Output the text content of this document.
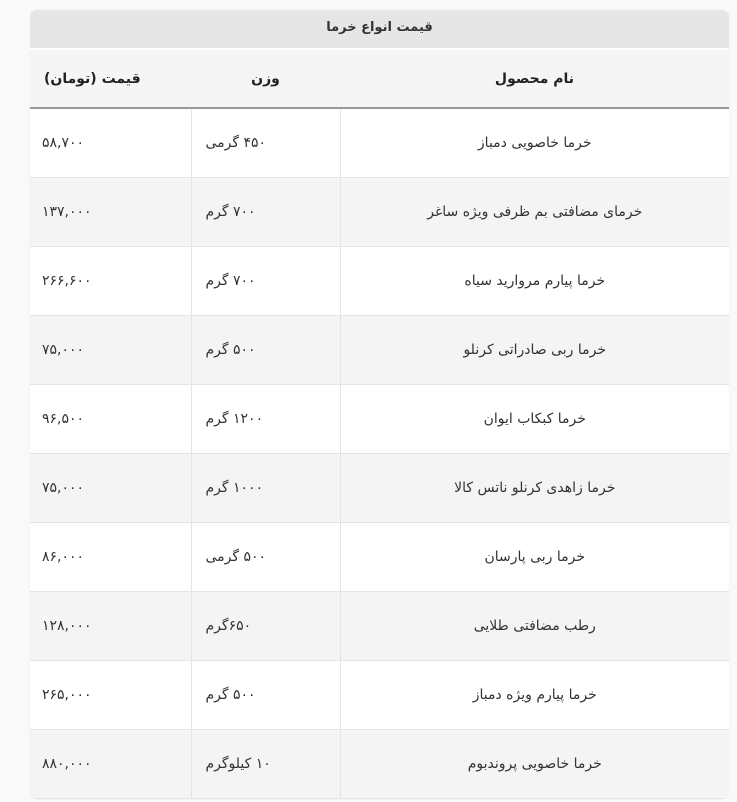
قیمت انواع خرما
نام محصول	وزن	قیمت (تومان)
خرما خاصویی دمباز	۴۵۰ گرمی	۵۸,۷۰۰
خرمای مضافتی بم ظرفی ویژه ساغر	۷۰۰ گرم	۱۳۷,۰۰۰
خرما پیارم مروارید سیاه	۷۰۰ گرم	۲۶۶,۶۰۰
خرما ربی صادراتی کرنلو	۵۰۰ گرم	۷۵,۰۰۰
خرما کبکاب ایوان	۱۲۰۰ گرم	۹۶,۵۰۰
خرما زاهدی کرنلو ناتس کالا	۱۰۰۰ گرم	۷۵,۰۰۰
خرما ربی پارسان	۵۰۰ گرمی	۸۶,۰۰۰
رطب مضافتی طلایی	۶۵۰گرم	۱۲۸,۰۰۰
خرما پیارم ویژه دمباز	۵۰۰ گرم	۲۶۵,۰۰۰
خرما خاصویی پروندبوم	۱۰ کیلوگرم	۸۸۰,۰۰۰
